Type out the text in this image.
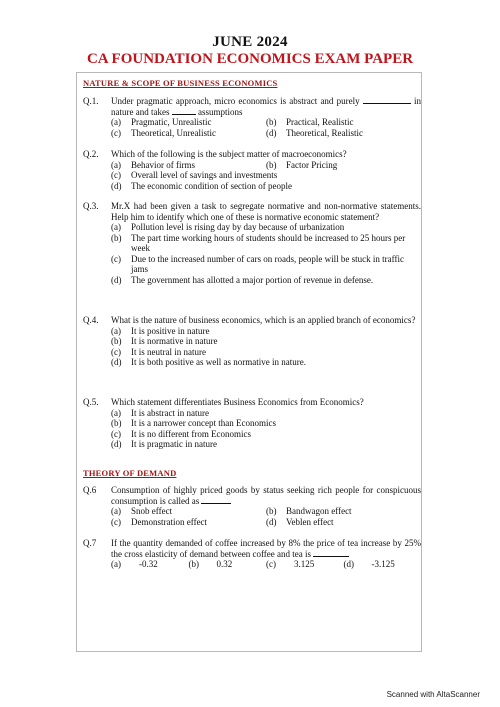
JUNE 2024
CA FOUNDATION ECONOMICS EXAM PAPER
NATURE & SCOPE OF BUSINESS ECONOMICS
Q.1.	Under pragmatic approach, micro economics is abstract and purely	in nature and takes	assumptions
(a)	Pragmatic, Unrealistic	(b)	Practical, Realistic
(c)	Theoretical, Unrealistic	(d)	Theoretical, Realistic
Q.2.	Which of the following is the subject matter of macroeconomics?
(a)	Behavior of firms	(b)	Factor Pricing
(c)	Overall level of savings and investments
(d)	The economic condition of section of people
Q.3.	Mr.X had been given a task to segregate normative and non-normative statements. Help him to identify which one of these is normative economic statement?
(a)	Pollution level is rising day by day because of urbanization
(b)	The part time working hours of students should be increased to 25 hours per week
(c)	Due to the increased number of cars on roads, people will be stuck in traffic jams
(d)	The government has allotted a major portion of revenue in defense.
Q.4.	What is the nature of business economics, which is an applied branch of economics?
(a)	It is positive in nature
(b)	It is normative in nature
(c)	It is neutral in nature
(d)	It is both positive as well as normative in nature.
Q.5.	Which statement differentiates Business Economics from Economics?
(a)	It is abstract in nature
(b)	It is a narrower concept than Economics
(c)	It is no different from Economics
(d)	It is pragmatic in nature
THEORY OF DEMAND
Q.6	Consumption of highly priced goods by status seeking rich people for conspicuous consumption is called as
(a)	Snob effect	(b)	Bandwagon effect
(c)	Demonstration effect	(d)	Veblen effect
Q.7	If the quantity demanded of coffee increased by 8% the price of tea increase by 25% the cross elasticity of demand between coffee and tea is
(a)	-0.32	(b)	0.32	(c)	3.125	(d)	-3.125
Scanned with AltaScanner
